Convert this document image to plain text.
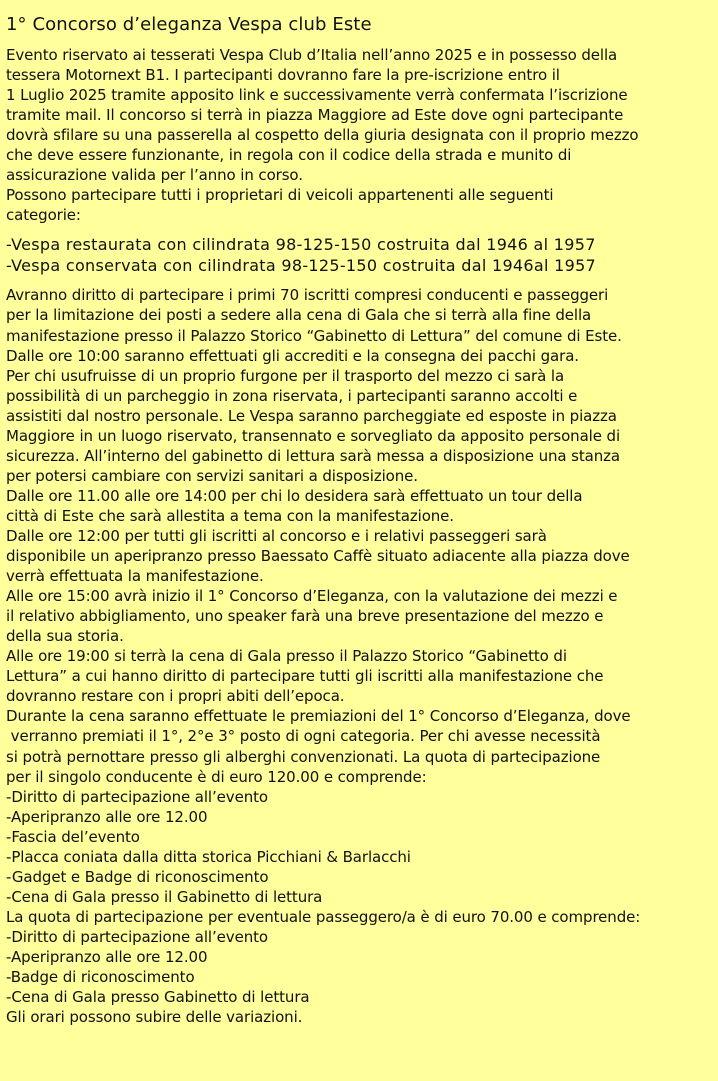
1° Concorso d’eleganza Vespa club Este
Evento riservato ai tesserati Vespa Club d’Italia nell’anno 2025 e in possesso della
tessera Motornext B1. I partecipanti dovranno fare la pre-iscrizione entro il
1 Luglio 2025 tramite apposito link e successivamente verrà confermata l’iscrizione
tramite mail. Il concorso si terrà in piazza Maggiore ad Este dove ogni partecipante
dovrà sfilare su una passerella al cospetto della giuria designata con il proprio mezzo
che deve essere funzionante, in regola con il codice della strada e munito di
assicurazione valida per l’anno in corso.
Possono partecipare tutti i proprietari di veicoli appartenenti alle seguenti
categorie:
-Vespa restaurata con cilindrata 98-125-150 costruita dal 1946 al 1957
-Vespa conservata con cilindrata 98-125-150 costruita dal 1946al 1957
Avranno diritto di partecipare i primi 70 iscritti compresi conducenti e passeggeri
per la limitazione dei posti a sedere alla cena di Gala che si terrà alla fine della
manifestazione presso il Palazzo Storico “Gabinetto di Lettura” del comune di Este.
Dalle ore 10:00 saranno effettuati gli accrediti e la consegna dei pacchi gara.
Per chi usufruisse di un proprio furgone per il trasporto del mezzo ci sarà la
possibilità di un parcheggio in zona riservata, i partecipanti saranno accolti e
assistiti dal nostro personale. Le Vespa saranno parcheggiate ed esposte in piazza
Maggiore in un luogo riservato, transennato e sorvegliato da apposito personale di
sicurezza. All’interno del gabinetto di lettura sarà messa a disposizione una stanza
per potersi cambiare con servizi sanitari a disposizione.
Dalle ore 11.00 alle ore 14:00 per chi lo desidera sarà effettuato un tour della
città di Este che sarà allestita a tema con la manifestazione.
Dalle ore 12:00 per tutti gli iscritti al concorso e i relativi passeggeri sarà
disponibile un aperipranzo presso Baessato Caffè situato adiacente alla piazza dove
verrà effettuata la manifestazione.
Alle ore 15:00 avrà inizio il 1° Concorso d’Eleganza, con la valutazione dei mezzi e
il relativo abbigliamento, uno speaker farà una breve presentazione del mezzo e
della sua storia.
Alle ore 19:00 si terrà la cena di Gala presso il Palazzo Storico “Gabinetto di
Lettura” a cui hanno diritto di partecipare tutti gli iscritti alla manifestazione che
dovranno restare con i propri abiti dell’epoca.
Durante la cena saranno effettuate le premiazioni del 1° Concorso d’Eleganza, dove
verranno premiati il 1°, 2°e 3° posto di ogni categoria. Per chi avesse necessità
si potrà pernottare presso gli alberghi convenzionati. La quota di partecipazione
per il singolo conducente è di euro 120.00 e comprende:
-Diritto di partecipazione all’evento
-Aperipranzo alle ore 12.00
-Fascia del’evento
-Placca coniata dalla ditta storica Picchiani & Barlacchi
-Gadget e Badge di riconoscimento
-Cena di Gala presso il Gabinetto di lettura
La quota di partecipazione per eventuale passeggero/a è di euro 70.00 e comprende:
-Diritto di partecipazione all’evento
-Aperipranzo alle ore 12.00
-Badge di riconoscimento
-Cena di Gala presso Gabinetto di lettura
Gli orari possono subire delle variazioni.
